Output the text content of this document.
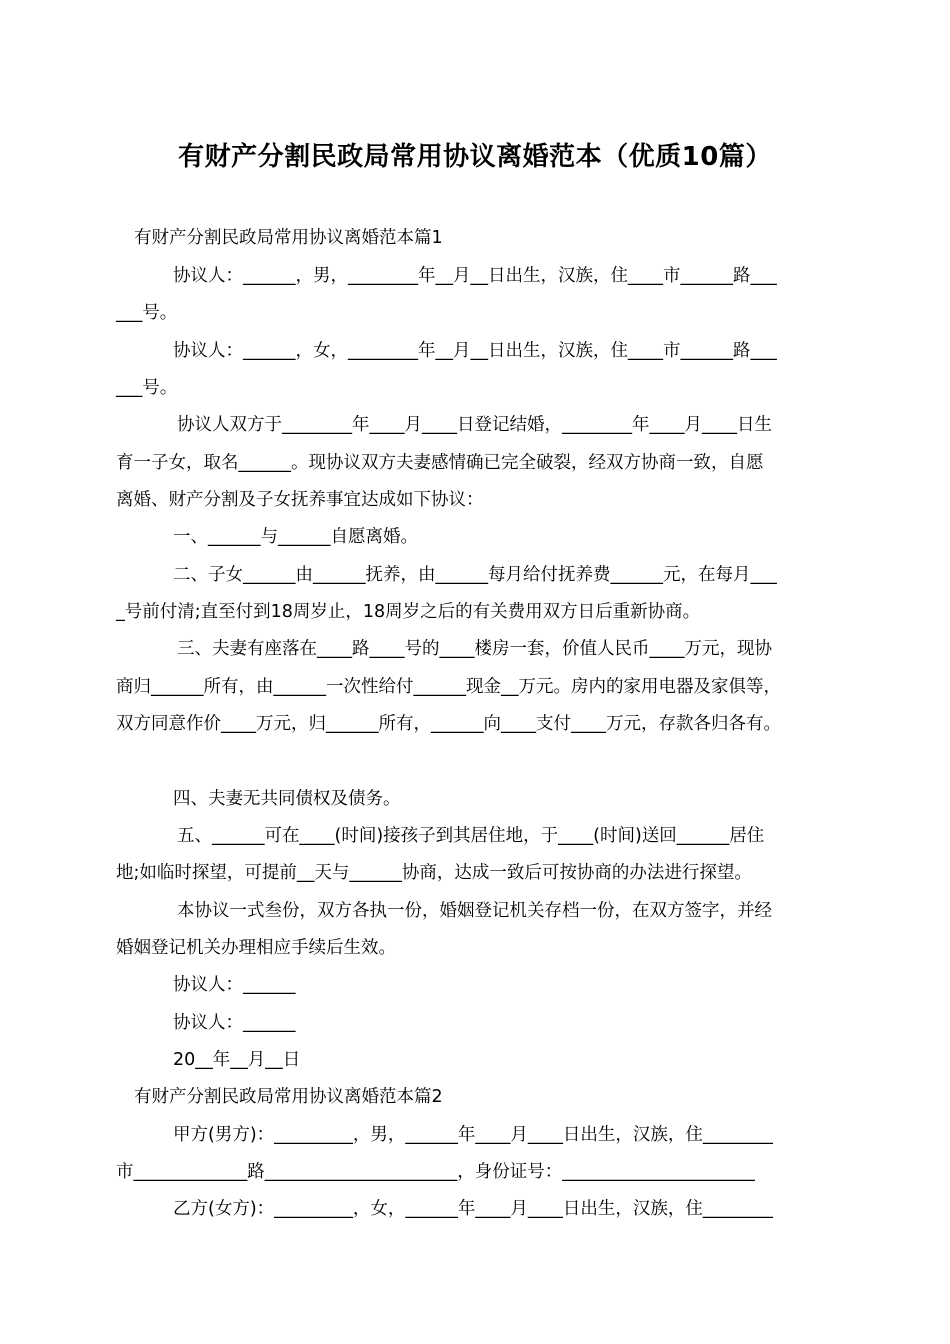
有财产分割民政局常用协议离婚范本（优质10篇）
有财产分割民政局常用协议离婚范本篇1
协议人：______，男，________年__月__日出生，汉族，住____市______路___
___号。
协议人：______，女，________年__月__日出生，汉族，住____市______路___
___号。
协议人双方于________年____月____日登记结婚，________年____月____日生
育一子女，取名______。现协议双方夫妻感情确已完全破裂，经双方协商一致，自愿
离婚、财产分割及子女抚养事宜达成如下协议：
一、______与______自愿离婚。
二、子女______由______抚养，由______每月给付抚养费______元，在每月___
_号前付清;直至付到18周岁止，18周岁之后的有关费用双方日后重新协商。
三、夫妻有座落在____路____号的____楼房一套，价值人民币____万元，现协
商归______所有，由______一次性给付______现金__万元。房内的家用电器及家俱等，
双方同意作价____万元，归______所有，______向____支付____万元，存款各归各有。
四、夫妻无共同债权及债务。
五、______可在____(时间)接孩子到其居住地，于____(时间)送回______居住
地;如临时探望，可提前__天与______协商，达成一致后可按协商的办法进行探望。
本协议一式叁份，双方各执一份，婚姻登记机关存档一份，在双方签字，并经
婚姻登记机关办理相应手续后生效。
协议人：______
协议人：______
20__年__月__日
有财产分割民政局常用协议离婚范本篇2
甲方(男方)：_________，男，______年____月____日出生，汉族，住________
市_____________路______________________，身份证号：______________________
乙方(女方)：_________，女，______年____月____日出生，汉族，住________
